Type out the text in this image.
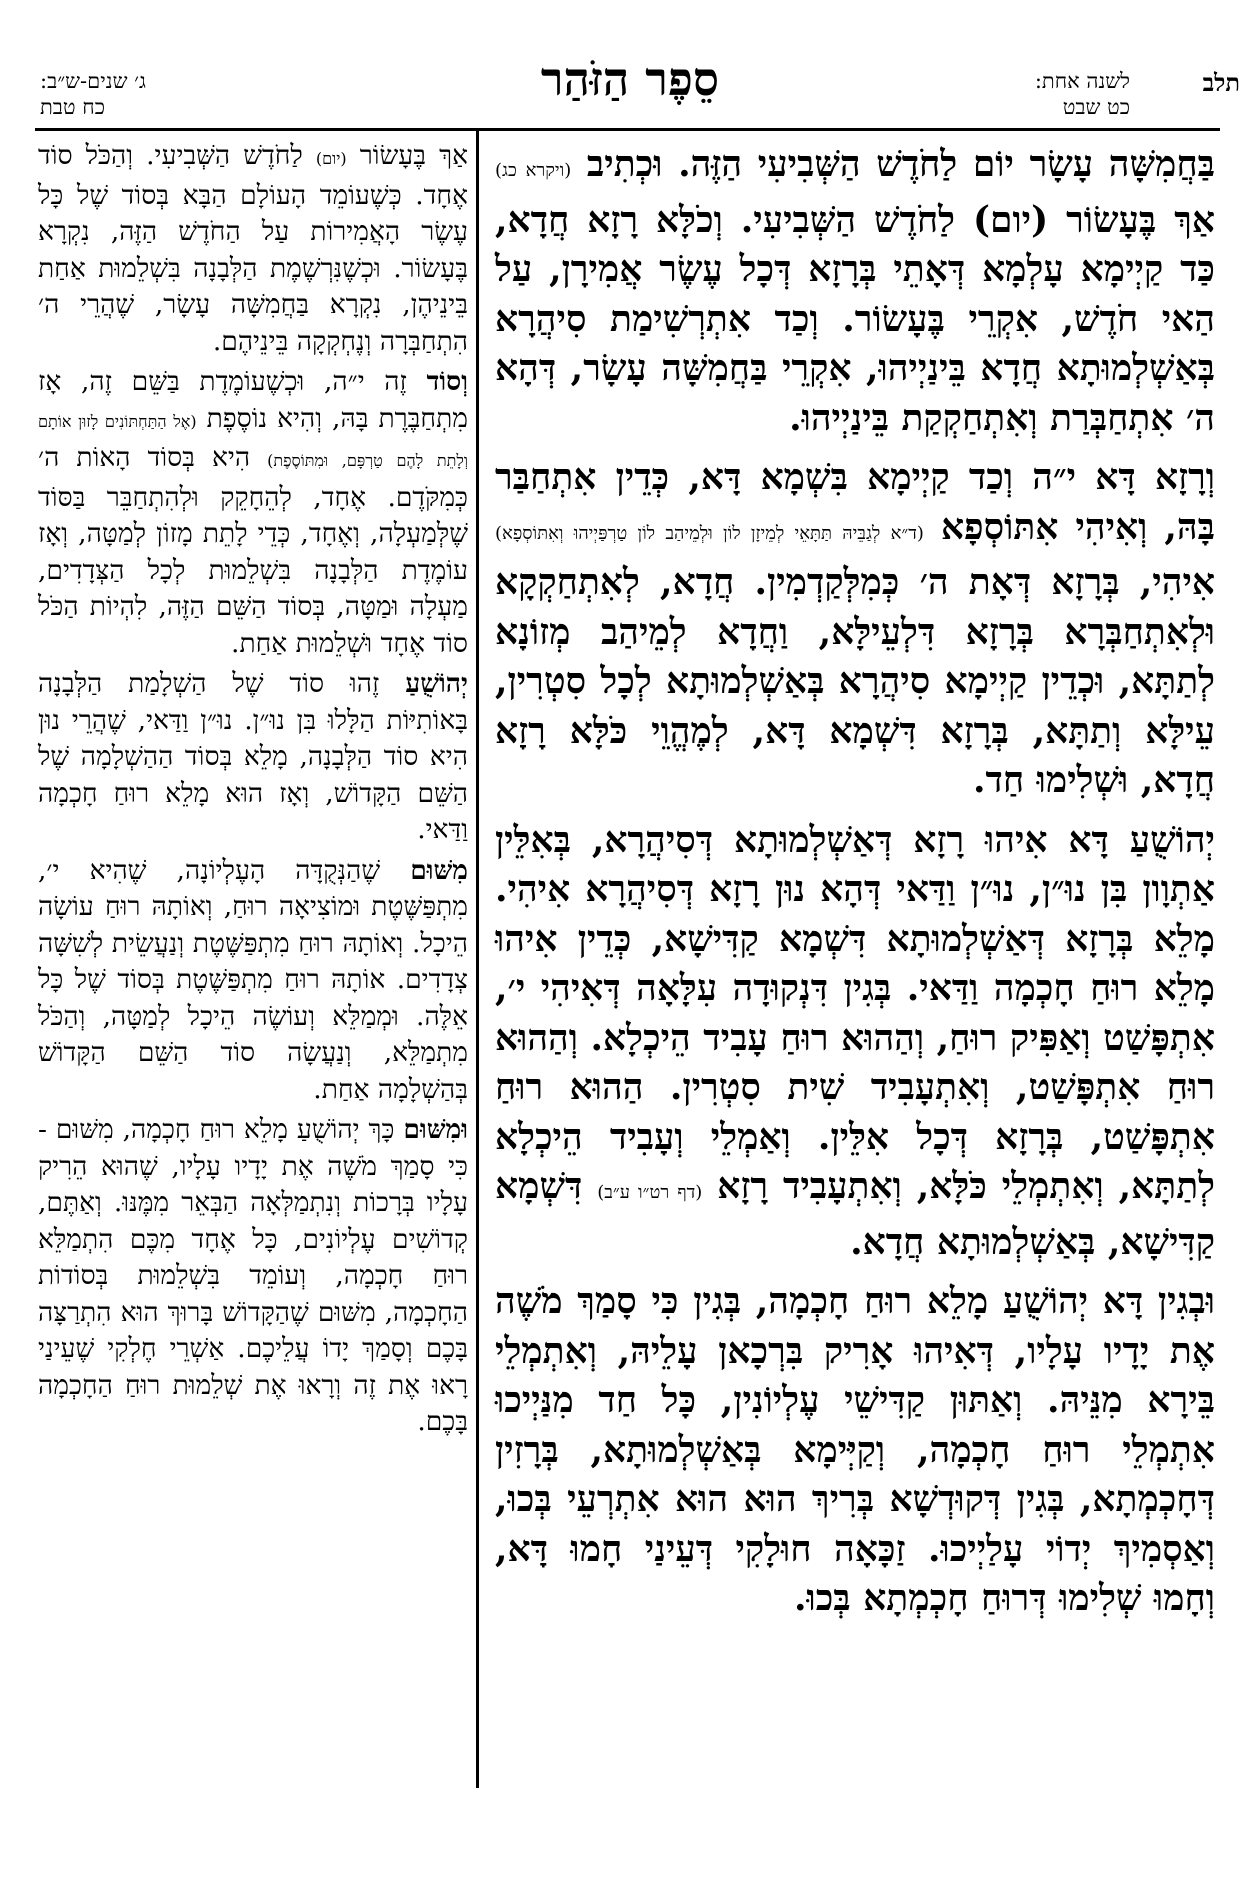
תלב
לשנה אחת:
כט שבט
סֵפֶר הַזֹּהַר
ג׳ שנים-ש״ב:
כח טבת

בַּחֲמִשָּׁה עָשָׂר יוֹם לַחֹדֶשׁ הַשְּׁבִיעִי הַזֶּה. וּכְתִיב (ויקרא כג) אַךְ בֶּעָשׂוֹר (יום) לַחֹדֶשׁ הַשְּׁבִיעִי. וְכֹלָּא רָזָא חֲדָא, כַּד קַיְימָא עָלְמָא דְּאָתֵי בְּרָזָא דְּכָל עֶשֶׂר אֲמִירָן, עַל הַאי חֹדֶשׁ, אִקְרֵי בֶּעָשׂוֹר. וְכַד אִתְרְשִׁימַת סִיהֲרָא בְּאַשְׁלְמוּתָא חֲדָא בֵּינַיְיהוּ, אִקְרֵי בַּחֲמִשָּׁה עָשָׂר, דְּהָא ה׳ אִתְחַבְּרַת וְאִתְחַקְקַת בֵּינַיְיהוּ.

וְרָזָא דָּא י״ה וְכַד קַיְימָא בִּשְׁמָא דָּא, כְּדֵין אִתְחַבַּר בָּהּ, וְאִיהִי אִתּוֹסְפָא (ד״א לְגַבֵּיהּ תַּתָּאֵי לְמֵיזָן לוֹן וּלְמֵיהַב לוֹן טַרְפַּיְיהוּ וְאִתּוֹסְפָא) אִיהִי, בְּרָזָא דְּאָת ה׳ כְּמִלְּקַדְמִין. חֲדָא, לְאִתְחַקְקָא וּלְאִתְחַבְּרָא בְּרָזָא דִּלְעֵילָּא, וַחֲדָא לְמֵיהַב מְזוֹנָא לְתַתָּא, וּכְדֵין קַיְימָא סִיהֲרָא בְּאַשְׁלְמוּתָא לְכָל סִטְרִין, עֵילָּא וְתַתָּא, בְּרָזָא דִּשְׁמָא דָּא, לְמֶהֱוֵי כֹּלָּא רָזָא חֲדָא, וּשְׁלִימוּ חַד.

יְהוֹשֻׁעַ דָּא אִיהוּ רָזָא דְּאַשְׁלְמוּתָא דְּסִיהֲרָא, בְּאִלֵּין אַתְוָון בִּן נוּ״ן, נוּ״ן וַדַּאי דְּהָא נוּן רָזָא דְּסִיהֲרָא אִיהִי. מָלֵא בְּרָזָא דְּאַשְׁלְמוּתָא דִּשְׁמָא קַדִּישָׁא, כְּדֵין אִיהוּ מָלֵא רוּחַ חָכְמָה וַדַּאי. בְּגִין דִּנְקוּדָה עִלָּאָה דְּאִיהִי י׳, אִתְפָּשַׁט וְאַפִּיק רוּחַ, וְהַהוּא רוּחַ עָבִיד הֵיכְלָא. וְהַהוּא רוּחַ אִתְפָּשַׁט, וְאִתְעָבִיד שִׁית סִטְרִין. הַהוּא רוּחַ אִתְפָּשַׁט, בְּרָזָא דְּכָל אִלֵּין. וְאַמְלֵי וְעָבִיד הֵיכְלָא לְתַתָּא, וְאִתְמְלֵי כֹּלָּא, וְאִתְעָבִיד רָזָא (דף רט״ו ע״ב) דִּשְׁמָא קַדִּישָׁא, בְּאַשְׁלְמוּתָא חֲדָא.

וּבְגִין דָּא יְהוֹשֻׁעַ מָלֵא רוּחַ חָכְמָה, בְּגִין כִּי סָמַךְ מֹשֶׁה אֶת יָדָיו עָלָיו, דְּאִיהוּ אָרִיק בִּרְכָאן עָלֵיהּ, וְאִתְמְלֵי בֵּירָא מִנֵּיהּ. וְאַתּוּן קַדִּישֵׁי עֶלְיוֹנִין, כָּל חַד מִנַּיְיכוּ אִתְמְלֵי רוּחַ חָכְמָה, וְקַיְּימָא בְּאַשְׁלְמוּתָא, בְּרָזִין דְּחָכְמְתָא, בְּגִין דְּקוּדְשָׁא בְּרִיךְ הוּא הוּא אִתְרְעֵי בְּכוּ, וְאַסְמִיךְ יְדוֹי עָלַיְיכוּ. זַכָּאָה חוּלָקִי דְּעֵינַי חָמוּ דָּא, וְחָמוּ שְׁלִימוּ דְּרוּחַ חָכְמְתָא בְּכוּ.

אַךְ בֶּעָשׂוֹר (יום) לַחֹדֶשׁ הַשְּׁבִיעִי. וְהַכֹּל סוֹד אֶחָד. כְּשֶׁעוֹמֵד הָעוֹלָם הַבָּא בְּסוֹד שֶׁל כָּל עֶשֶׂר הָאֲמִירוֹת עַל הַחֹדֶשׁ הַזֶּה, נִקְרָא בֶּעָשׂוֹר. וּכְשֶׁנִּרְשֶׁמֶת הַלְּבָנָה בִּשְׁלֵמוּת אַחַת בֵּינֵיהֶן, נִקְרָא בַּחֲמִשָּׁה עָשָׂר, שֶׁהֲרֵי ה׳ הִתְחַבְּרָה וְנֶחְקְקָה בֵּינֵיהֶם.

וְסוֹד זֶה י״ה, וּכְשֶׁעוֹמֶדֶת בַּשֵּׁם זֶה, אָז מִתְחַבֶּרֶת בָּהּ, וְהִיא נוֹסֶפֶת (אֶל הַתַּחְתּוֹנִים לָזוּן אוֹתָם וְלָתֵת לָהֶם טַרְפָּם, וּמִתּוֹסֶפֶת) הִיא בְּסוֹד הָאוֹת ה׳ כְּמִקֹּדֶם. אֶחָד, לְהֵחָקֵק וּלְהִתְחַבֵּר בַּסּוֹד שֶׁלְּמַעְלָה, וְאֶחָד, כְּדֵי לָתֵת מָזוֹן לְמַטָּה, וְאָז עוֹמֶדֶת הַלְּבָנָה בִּשְׁלֵמוּת לְכָל הַצְּדָדִים, מַעְלָה וּמַטָּה, בְּסוֹד הַשֵּׁם הַזֶּה, לִהְיוֹת הַכֹּל סוֹד אֶחָד וּשְׁלֵמוּת אַחַת.

יְהוֹשֻׁעַ זֶהוּ סוֹד שֶׁל הַשְׁלָמַת הַלְּבָנָה בָּאוֹתִיּוֹת הַלָּלוּ בִּן נוּ״ן. נוּ״ן וַדַּאי, שֶׁהֲרֵי נוּן הִיא סוֹד הַלְּבָנָה, מָלֵא בְּסוֹד הַהַשְׁלָמָה שֶׁל הַשֵּׁם הַקָּדוֹשׁ, וְאָז הוּא מָלֵא רוּחַ חָכְמָה וַדַּאי.

מִשּׁוּם שֶׁהַנְּקֻדָּה הָעֶלְיוֹנָה, שֶׁהִיא י׳, מִתְפַּשֶּׁטֶת וּמוֹצִיאָה רוּחַ, וְאוֹתָהּ רוּחַ עוֹשָׂה הֵיכָל. וְאוֹתָהּ רוּחַ מִתְפַּשֶּׁטֶת וְנַעֲשֵׂית לְשִׁשָּׁה צְדָדִים. אוֹתָהּ רוּחַ מִתְפַּשֶּׁטֶת בְּסוֹד שֶׁל כָּל אֵלֶּה. וּמְמַלֵּא וְעוֹשֶׂה הֵיכָל לְמַטָּה, וְהַכֹּל מִתְמַלֵּא, וְנַעֲשָׂה סוֹד הַשֵּׁם הַקָּדוֹשׁ בְּהַשְׁלָמָה אַחַת.

וּמִשּׁוּם כָּךְ יְהוֹשֻׁעַ מָלֵא רוּחַ חָכְמָה, מִשּׁוּם - כִּי סָמַךְ מֹשֶׁה אֶת יָדָיו עָלָיו, שֶׁהוּא הֵרִיק עָלָיו בְּרָכוֹת וְנִתְמַלְּאָה הַבְּאֵר מִמֶּנּוּ. וְאַתֶּם, קְדוֹשִׁים עֶלְיוֹנִים, כָּל אֶחָד מִכֶּם הִתְמַלֵּא רוּחַ חָכְמָה, וְעוֹמֵד בִּשְׁלֵמוּת בְּסוֹדוֹת הַחָכְמָה, מִשּׁוּם שֶׁהַקָּדוֹשׁ בָּרוּךְ הוּא הִתְרַצָּה בָּכֶם וְסָמַךְ יָדוֹ עֲלֵיכֶם. אַשְׁרֵי חֶלְקִי שֶׁעֵינַי רָאוּ אֶת זֶה וְרָאוּ אֶת שְׁלֵמוּת רוּחַ הַחָכְמָה בָּכֶם.
